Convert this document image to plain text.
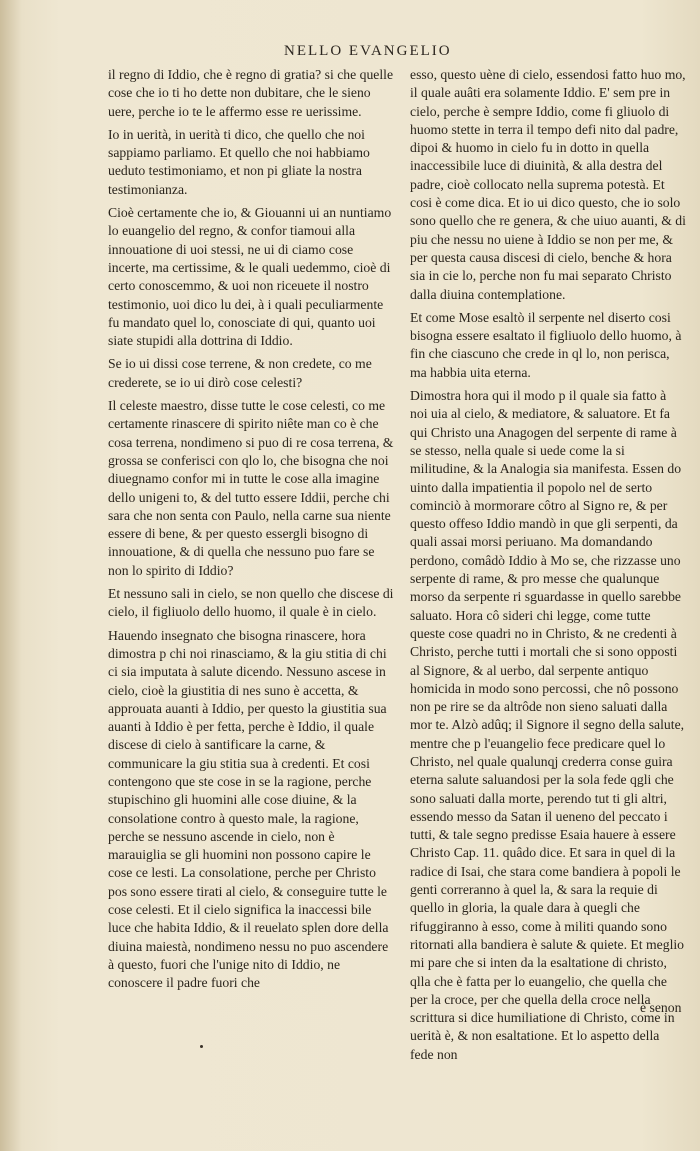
NELLO EVANGELIO

il regno di Iddio, che è regno di gratia? si che quelle cose che io ti ho dette non dubitare, che le sieno uere, perche io te le affermo esse re uerissime.

Io in uerità, in uerità ti dico, che quello che noi sappiamo parliamo. Et quello che noi habbiamo ueduto testimoniamo, et non pi gliate la nostra testimonianza.

Cioè certamente che io, & Giouanni ui an nuntiamo lo euangelio del regno, & confor tiamoui alla innouatione di uoi stessi, ne ui di ciamo cose incerte, ma certissime, & le quali uedemmo, cioè di certo conoscemmo, & uoi non riceuete il nostro testimonio, uoi dico lu dei, à i quali peculiarmente fu mandato quel lo, conosciate di qui, quanto uoi siate stupidi alla dottrina di Iddio.

Se io ui dissi cose terrene, & non credete, co me crederete, se io ui dirò cose celesti?

Il celeste maestro, disse tutte le cose celesti, co me certamente rinascere di spirito niête man co è che cosa terrena, nondimeno si puo di re cosa terrena, & grossa se conferisci con qlo lo, che bisogna che noi diuegnamo confor mi in tutte le cose alla imagine dello unigeni to, & del tutto essere Iddii, perche chi sara che non senta con Paulo, nella carne sua niente essere di bene, & per questo essergli bisogno di innouatione, & di quella che nessuno puo fare se non lo spirito di Iddio?

Et nessuno sali in cielo, se non quello che discese di cielo, il figliuolo dello huomo, il quale è in cielo.

Hauendo insegnato che bisogna rinascere, hora dimostra p chi noi rinasciamo, & la giu stitia di chi ci sia imputata à salute dicendo. Nessuno ascese in cielo, cioè la giustitia di nes suno è accetta, & approuata auanti à Iddio, per questo la giustitia sua auanti à Iddio è per fetta, perche è Iddio, il quale discese di cielo à santificare la carne, & communicare la giu stitia sua à credenti. Et cosi contengono que ste cose in se la ragione, perche stupischino gli huomini alle cose diuine, & la consolatione contro à questo male, la ragione, perche se nessuno ascende in cielo, non è marauiglia se gli huomini non possono capire le cose ce lesti. La consolatione, perche per Christo pos sono essere tirati al cielo, & conseguire tutte le cose celesti. Et il cielo significa la inaccessi bile luce che habita Iddio, & il reuelato splen dore della diuina maiestà, nondimeno nessu no puo ascendere à questo, fuori che l'unige nito di Iddio, ne conoscere il padre fuori che

esso, questo uène di cielo, essendosi fatto huo mo, il quale auâti era solamente Iddio. E' sem pre in cielo, perche è sempre Iddio, come fi gliuolo di huomo stette in terra il tempo defi nito dal padre, dipoi & huomo in cielo fu in dotto in quella inaccessibile luce di diuinità, & alla destra del padre, cioè collocato nella suprema potestà. Et cosi è come dica. Et io ui dico questo, che io solo sono quello che re genera, & che uiuo auanti, & di piu che nessu no uiene à Iddio se non per me, & per questa causa discesi di cielo, benche & hora sia in cie lo, perche non fu mai separato Christo dalla diuina contemplatione.

Et come Mose esaltò il serpente nel diserto cosi bisogna essere esaltato il figliuolo dello huomo, à fin che ciascuno che crede in ql lo, non perisca, ma habbia uita eterna.

Dimostra hora qui il modo p il quale sia fatto à noi uia al cielo, & mediatore, & saluatore. Et fa qui Christo una Anagogen del serpente di rame à se stesso, nella quale si uede come la si militudine, & la Analogia sia manifesta. Essen do uinto dalla impatientia il popolo nel de serto cominciò à mormorare côtro al Signo re, & per questo offeso Iddio mandò in que gli serpenti, da quali assai morsi periuano. Ma domandando perdono, comâdò Iddio à Mo se, che rizzasse uno serpente di rame, & pro messe che qualunque morso da serpente ri sguardasse in quello sarebbe saluato. Hora cô sideri chi legge, come tutte queste cose quadri no in Christo, & ne credenti à Christo, perche tutti i mortali che si sono opposti al Signore, & al uerbo, dal serpente antiquo homicida in modo sono percossi, che nô possono non pe rire se da altrôde non sieno saluati dalla mor te. Alzò adûq; il Signore il segno della salute, mentre che p l'euangelio fece predicare quel lo Christo, nel quale qualunqj crederra conse guira eterna salute saluandosi per la sola fede qgli che sono saluati dalla morte, perendo tut ti gli altri, essendo messo da Satan il ueneno del peccato i tutti, & tale segno predisse Esaia hauere à essere Christo Cap. 11. quâdo dice. Et sara in quel di la radice di Isai, che stara come bandiera à popoli le genti correranno à quel la, & sara la requie di quello in gloria, la quale dara à quegli che rifuggiranno à esso, come à militi quando sono ritornati alla bandiera è salute & quiete. Et meglio mi pare che si inten da la esaltatione di christo, qlla che è fatta per lo euangelio, che quella che per la croce, per che quella della croce nella scrittura si dice humiliatione di Christo, come in uerità è, & non esaltatione. Et lo aspetto della fede non

è senon
